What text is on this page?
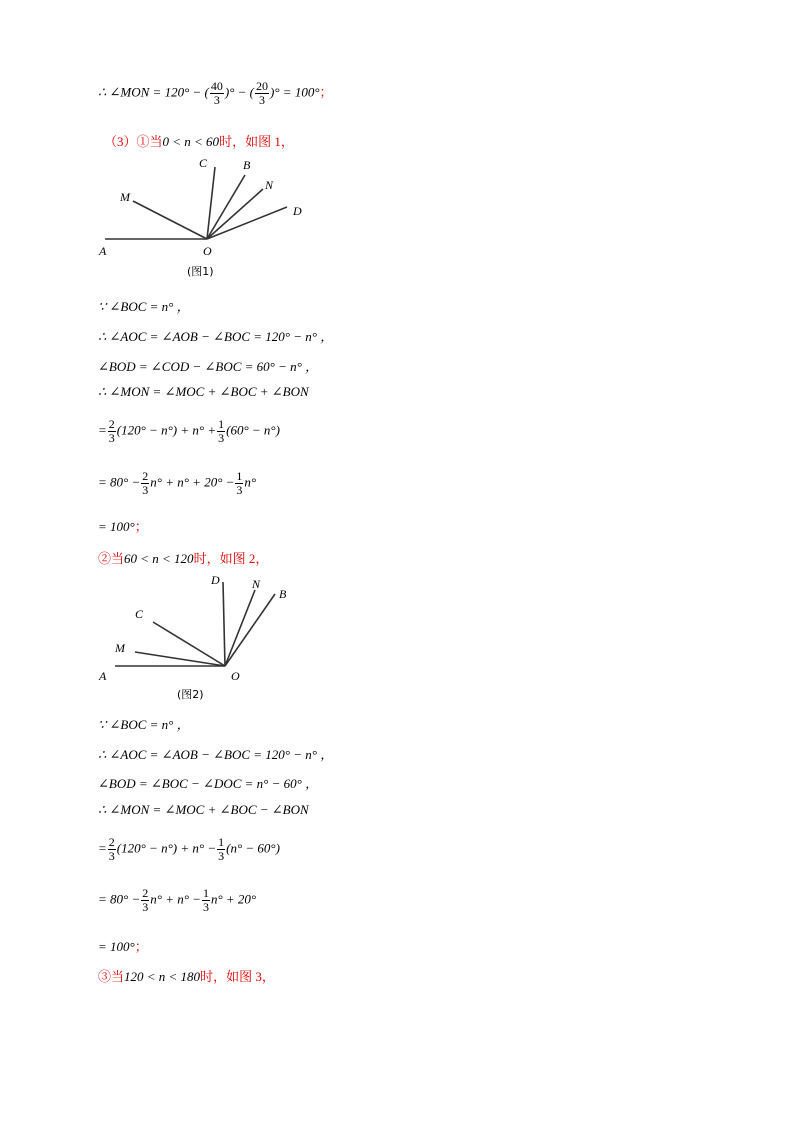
∴ ∠MON = 120° − ( $\frac{40}{3}$ )° − ( $\frac{20}{3}$ )° = 100°；
（3）①当0 < n < 60时，如图 1，
A	O
M
C	B
N
D
(图1)
∵ ∠BOC = n° ，
∴ ∠AOC = ∠AOB − ∠BOC = 120° − n° ，
∠BOD = ∠COD − ∠BOC = 60° − n° ，
∴ ∠MON = ∠MOC + ∠BOC + ∠BON
= $\frac{2}{3} (120^\circ - n^\circ) + n^\circ + \frac{1}{3} (60^\circ - n^\circ)$
= $80^\circ - \frac{2}{3} n^\circ + n^\circ + 20^\circ - \frac{1}{3} n^\circ$
= 100°；
②当60 < n < 120时，如图 2，
A	O
M
C
D	N
B
(图2)
∵ ∠BOC = n° ，
∴ ∠AOC = ∠AOB − ∠BOC = 120° − n° ，
∠BOD = ∠BOC − ∠DOC = n° − 60° ，
∴ ∠MON = ∠MOC + ∠BOC − ∠BON
= $\frac{2}{3} (120^\circ - n^\circ) + n^\circ - \frac{1}{3} (n^\circ - 60^\circ)$
= $80^\circ - \frac{2}{3} n^\circ + n^\circ - \frac{1}{3} n^\circ + 20^\circ$
= 100°；
③当120 < n < 180时，如图 3，
